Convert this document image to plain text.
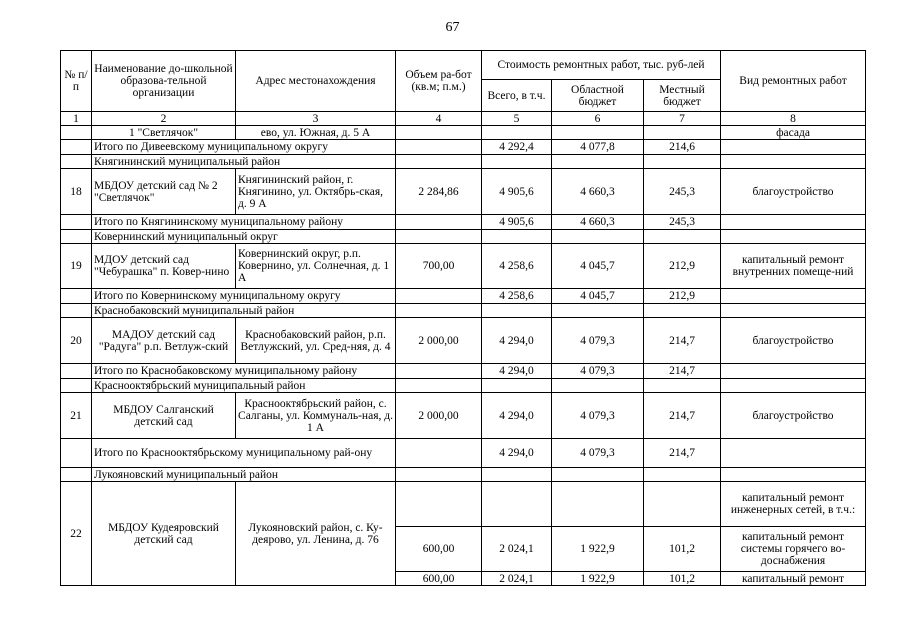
67
№ п/п	Наименование до-школьной образова-тельной организации	Адрес местонахождения	Объем ра-бот (кв.м; п.м.)	Стоимость ремонтных работ, тыс. руб-лей			Вид ремонтных работ
				Всего, в т.ч.	Областной бюджет	Местный бюджет	
1	2	3	4	5	6	7	8
	1 "Светлячок"	ево, ул. Южная, д. 5 А					фасада
	Итого по Дивеевскому муниципальному округу			4 292,4	4 077,8	214,6	
	Княгининский муниципальный район						
18	МБДОУ детский сад № 2 "Светлячок"	Княгининский район, г. Княгинино, ул. Октябрь-ская, д. 9 А	2 284,86	4 905,6	4 660,3	245,3	благоустройство
	Итого по Княгининскому муниципальному району			4 905,6	4 660,3	245,3	
	Ковернинский муниципальный округ						
19	МДОУ детский сад "Чебурашка" п. Ковер-нино	Ковернинский округ, р.п. Ковернино, ул. Солнечная, д. 1 А	700,00	4 258,6	4 045,7	212,9	капитальный ремонт внутренних помеще-ний
	Итого по Ковернинскому муниципальному округу			4 258,6	4 045,7	212,9	
	Краснобаковский муниципальный район						
20	МАДОУ детский сад "Радуга" р.п. Ветлуж-ский	Краснобаковский район, р.п. Ветлужский, ул. Сред-няя, д. 4	2 000,00	4 294,0	4 079,3	214,7	благоустройство
	Итого по Краснобаковскому муниципальному району			4 294,0	4 079,3	214,7	
	Краснооктябрьский муниципальный район						
21	МБДОУ Салганский детский сад	Краснооктябрьский район, с. Салганы, ул. Коммуналь-ная, д. 1 А	2 000,00	4 294,0	4 079,3	214,7	благоустройство
	Итого по Краснооктябрьскому муниципальному рай-ону			4 294,0	4 079,3	214,7	
	Лукояновский муниципальный район						
22	МБДОУ Кудеяровский детский сад	Лукояновский район, с. Ку-деярово, ул. Ленина, д. 76					капитальный ремонт инженерных сетей, в т.ч.:
			600,00	2 024,1	1 922,9	101,2	капитальный ремонт системы горячего во-доснабжения
			600,00	2 024,1	1 922,9	101,2	капитальный ремонт
